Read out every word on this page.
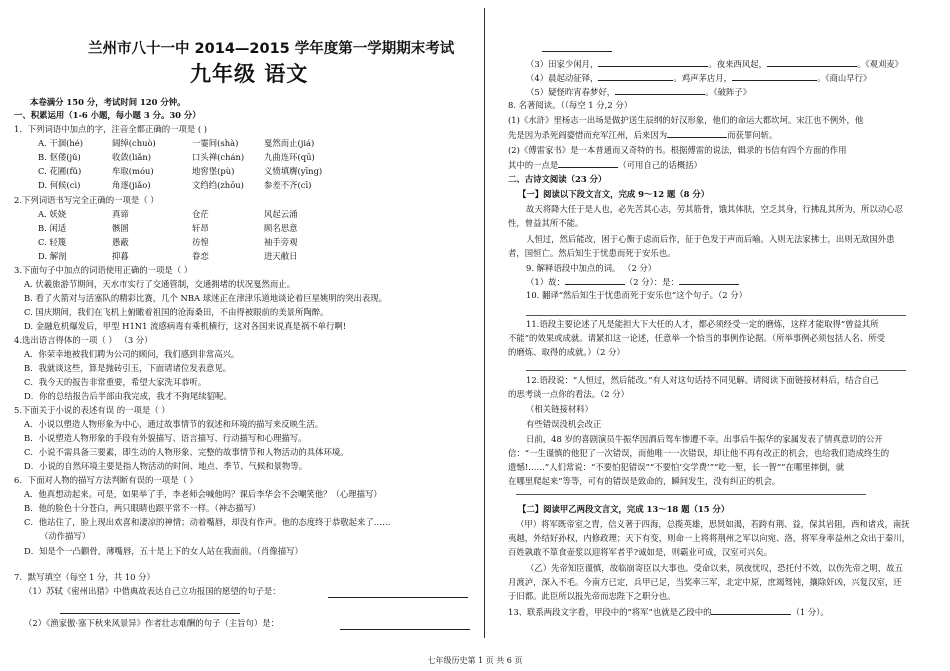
兰州市八十一中 2014—2015 学年度第一学期期末考试
九年级 语文
本卷满分 150 分，考试时间 120 分钟。
一、积累运用（1-6 小题，每小题 3 分。30 分）
1．下列词语中加点的字，注音全都正确的一项是 ( )
A. 干涸(hé)	阔绰(chuò)	一霎间(shà)	戛然而止(jiá)
B. 伛偻(jǔ)	收敛(liǎn)	口头禅(chán) 九曲连环(qū)
C. 花圃(fǔ)	牟取(móu)	地窖堡(pù)	义愤填膺(yīng)
D. 何候(cì)	角逐(jiǎo)	文绉绉(zhōu) 参差不齐(cī)
2.下列词语书写完全正确的一项是（ ）
A. 妖娆	真谛	仓茫	风起云涌
B. 闲适	骸圄	轩昂	顾名思意
C. 轻篾	愚蔽	彷惶	袖手旁观
D. 解剖	抑暮	眷恋	进天敝日
3.下面句子中加点的词语使用正确的一项是（ ）
A. 伏羲旅游节期间，天水市实行了交通管制，交通拥堵的状况戛然而止。
B. 看了火箭对与活塞队的精彩比赛，几个 NBA 球迷正在津津乐道地谈论着巨星姚明的突出表现。
C. 国庆期间，我们在飞机上俯瞰着祖国的沧海桑田，不由得被眼前的美景所陶醉。
D. 金融危机爆发后，甲型 H1N1 流感病毒有乘机横行，这对各国来说真是祸不单行啊!
4.选出语言得体的一项（ ） （3 分）
A．你荣幸地被我们聘为公司的顾问，我们感到非常高兴。
B．我就谈这些，算是抛砖引玉，下面请诸位发表意见。
C．我今天的报告非常重要，希望大家洗耳恭听。
D．你的总结报告后半部由我完成，我才不狗尾续貂呢。
5.下面关于小说的表述有误 的一项是（ ）
A．小说以塑造人物形象为中心，通过故事情节的叙述和环境的描写来反映生活。
B．小说塑造人物形象的手段有外貌描写、语言描写、行动描写和心理描写。
C．小说不需具备三要素，即生动的人物形象、完整的故事情节和人物活动的具体环境。
D．小说的自然环境主要是指人物活动的时间、地点、季节、气候和景物等。
6．下面对人物的描写方法判断有误的一项是（ ）
A．他真想动起来。可是，如果举了手，李老师会喊他吗？课后李华会不会嘲笑他？（心理描写）
B．他的脸色十分苍白，两只眼睛也跟平常不一样。（神态描写）
C．他站住了，脸上现出欢喜和凄凉的神情；动着嘴唇，却没有作声。他的态度终于恭敬起来了……
（动作描写）
D．知是个一凸颧骨，薄嘴唇，五十是上下的女人站在我面前。（肖像描写）
7．默写填空（每空 1 分，共 10 分）
（1）苏轼《密州出猎》中借典故表达自己立功报国的愿望的句子是：
（2）《渔家傲·塞下秋来风景异》作者壮志难酬的句子（主旨句）是：
（3）田家少闲月，	。夜来西风起，	。《观刈麦》
（4）晨起动征铎，	。鸡声茅店月，	。《商山早行》
（5）疑怪昨宵春梦好，	。《破阵子》
8. 名著阅读。（（每空 1 分,2 分）
(1)《水浒》里杨志一出场是做护送生辰纲的好汉形象，他们的命运大都坎坷。宋江也不例外，他
先是因为杀死阎婆惜而充军江州，后来因为	而获罪问斩。
(2)《傅雷家书》是一本普通而又奇特的书。根据傅雷的说法，辑录的书信有四个方面的作用
其中的一点是	（可用自己的话概括）
二、古诗文阅读（23 分）
【一】阅读以下段文言文，完成 9～12 题（8 分）
故天将降大任于是人也，必先苦其心志，劳其筋骨，饿其体肤，空乏其身，行拂乱其所为，所以动心忍
性，曾益其所不能。
人恒过，然后能改，困于心衡于虑而后作，征于色发于声而后喻。入则无法家拂士，出则无敌国外患
者，国恒亡。然后知生于忧患而死于安乐也。
9. 解释语段中加点的词。 （2 分）
（1）故：	（2 分）：是：
10. 翻译“然后知生于忧患而死于安乐也”这个句子。（2 分）
11.语段主要论述了凡是能担大下大任的人才，都必须经受一定的磨炼，这样才能取得“曾益其所
不能”的效果或成就。请紧扣这一论述，任意举一个恰当的事例作论据。（所举事例必须包括人名、所受
的磨炼、取得的成就。）（2 分）
12.语段说：“人恒过，然后能改。”有人对这句话持不同见解。请阅读下面链接材料后，结合自己
的思考谈一点你的看法。（2 分）
（相关链接材料）
有些错误没机会改正
日前，48 岁的喜剧演员牛振华因酒后驾车惨遭不幸。出事后牛振华的家属发表了情真意切的公开
信：“一生谨慎的他犯了一次错误，而他唯一一次错误，却让他不再有改正的机会，也给我们造成终生的
遗憾!……”人们常说：“不要怕犯错误”“不要怕‘交学费’”“吃一堑，长一智”“在哪里摔倒，就
在哪里爬起来”等等，可有的错误是致命的，瞬间发生，没有纠正的机会。
【二】阅读甲乙两段文言文，完成 13～18 题（15 分）
（甲）将军既帝室之胄，信义著于四海，总揽英雄，思贤如渴，若跨有荆、益，保其岩阻，西和诸戎，南抚
夷越，外结好孙权，内修政理；天下有变，则命一上将将荆州之军以向宛、洛，将军身率益州之众出于秦川，
百姓孰敢不箪食壶浆以迎将军者乎?诚如是，则霸业可成，汉室可兴矣。
（乙）先帝知臣谨慎，故临崩寄臣以大事也。受命以来，夙夜忧叹，恐托付不效，以伤先帝之明，故五
月渡泸，深入不毛。今南方已定，兵甲已足，当奖率三军，北定中原，庶竭驽钝，攘除奸凶，兴复汉室，还
于旧都。此臣所以报先帝而忠陛下之职分也。
13、联系两段文字看，甲段中的“将军”也就是乙段中的	（1 分）。
七年级历史第 1 页 共 6 页
